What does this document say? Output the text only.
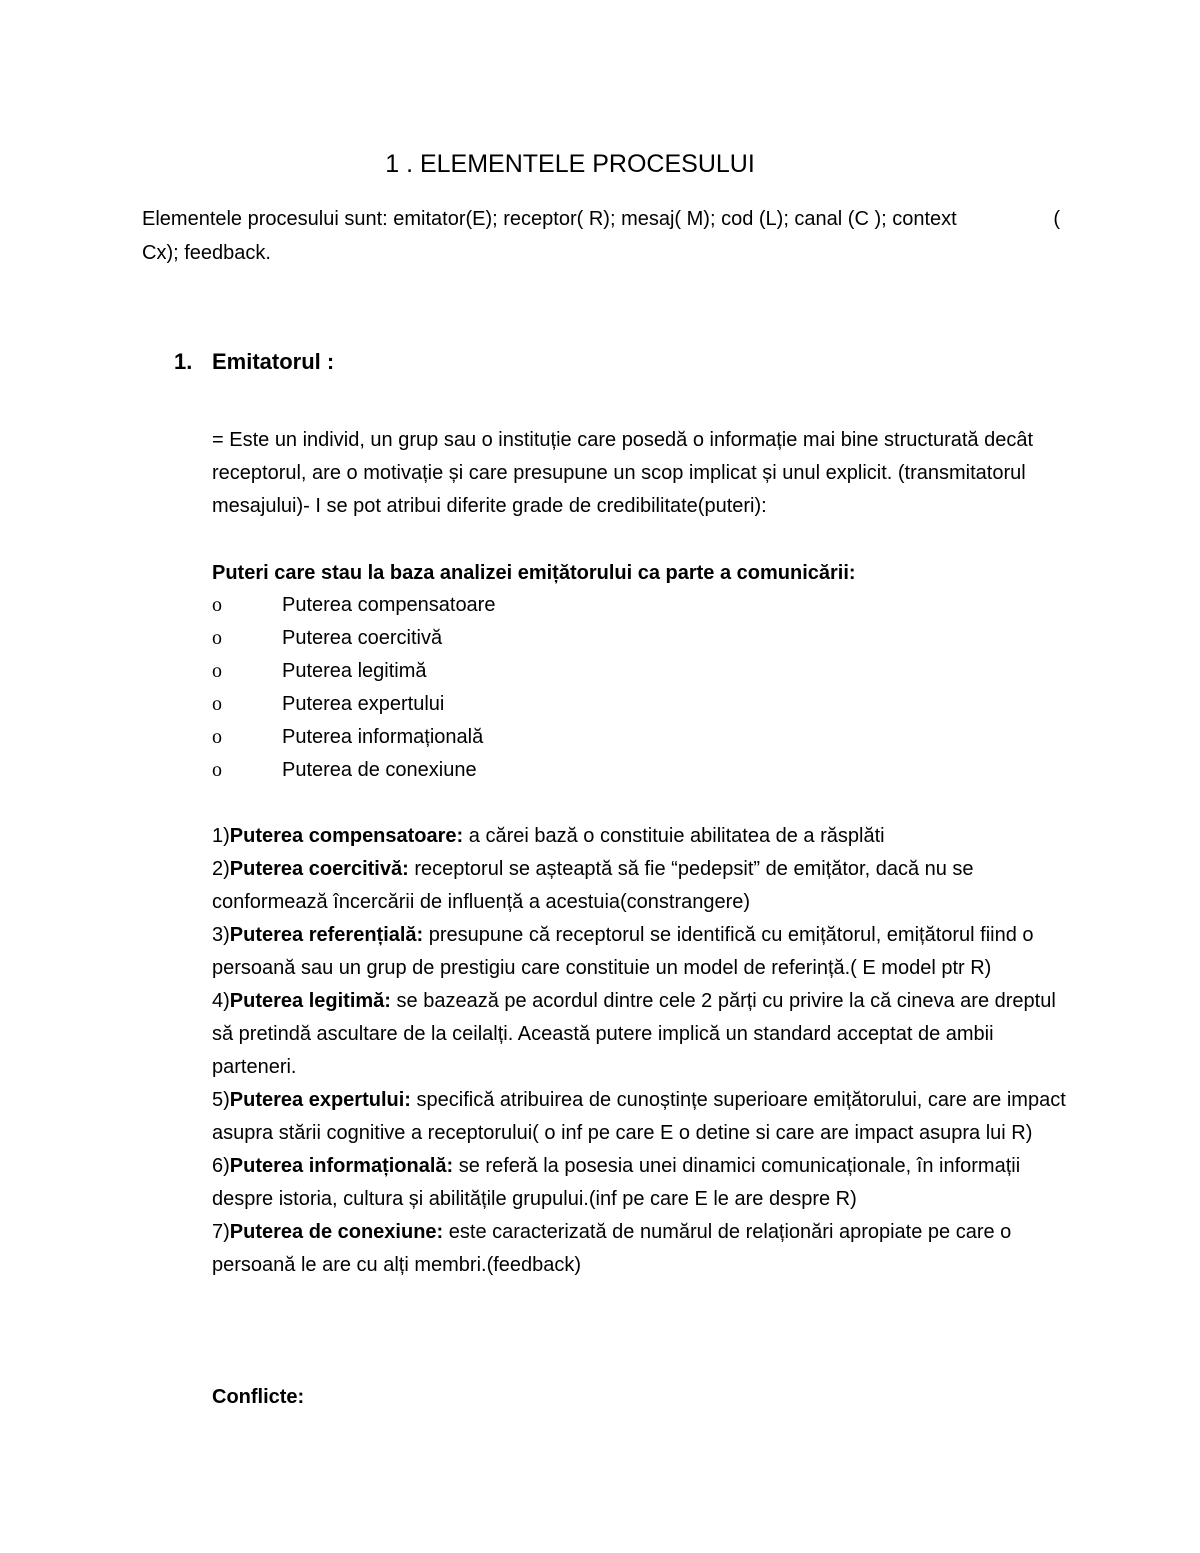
1 . ELEMENTELE PROCESULUI
Elementele procesului sunt: emitator(E); receptor( R); mesaj( M); cod (L); canal (C ); context	(
Cx); feedback.
1. Emitatorul :
= Este un individ, un grup sau o instituție care posedă o informație mai bine structurată decât receptorul, are o motivație și care presupune un scop implicat și unul explicit. (transmitatorul mesajului)- I se pot atribui diferite grade de credibilitate(puteri):
Puteri care stau la baza analizei emițătorului ca parte a comunicării:
o	Puterea compensatoare
o	Puterea coercitivă
o	Puterea legitimă
o	Puterea expertului
o	Puterea informațională
o	Puterea de conexiune

1)Puterea compensatoare: a cărei bază o constituie abilitatea de a răsplăti

2)Puterea coercitivă: receptorul se așteaptă să fie “pedepsit” de emițător, dacă nu se conformează încercării de influență a acestuia(constrangere)

3)Puterea referențială: presupune că receptorul se identifică cu emițătorul, emițătorul fiind o persoană sau un grup de prestigiu care constituie un model de referință.( E model ptr R)

4)Puterea legitimă: se bazează pe acordul dintre cele 2 părți cu privire la că cineva are dreptul să pretindă ascultare de la ceilalți. Această putere implică un standard acceptat de ambii parteneri.

5)Puterea expertului: specifică atribuirea de cunoștințe superioare emițătorului, care are impact asupra stării cognitive a receptorului( o inf pe care E o detine si care are impact asupra lui R)

6)Puterea informațională: se referă la posesia unei dinamici comunicaționale, în informații despre istoria, cultura și abilitățile grupului.(inf pe care E le are despre R)

7)Puterea de conexiune: este caracterizată de numărul de relaționări apropiate pe care o persoană le are cu alți membri.(feedback)

Conflicte:
